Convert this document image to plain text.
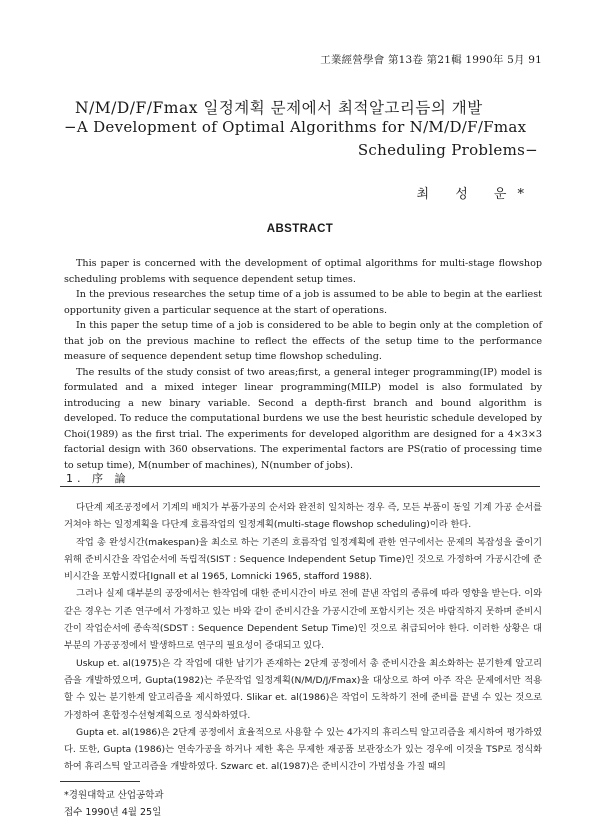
工業經營學會 第13卷 第21輯 1990年 5月 91
N/M/D/F/Fmax 일정계획 문제에서 최적알고리듬의 개발
−A Development of Optimal Algorithms for N/M/D/F/Fmax
Scheduling Problems−
최 성 운*
ABSTRACT

This paper is concerned with the development of optimal algorithms for multi-stage flowshop scheduling problems with sequence dependent setup times.

In the previous researches the setup time of a job is assumed to be able to begin at the earliest opportunity given a particular sequence at the start of operations.

In this paper the setup time of a job is considered to be able to begin only at the completion of that job on the previous machine to reflect the effects of the setup time to the performance measure of sequence dependent setup time flowshop scheduling.

The results of the study consist of two areas;first, a general integer programming(IP) model is formulated and a mixed integer linear programming(MILP) model is also formulated by introducing a new binary variable. Second a depth-first branch and bound algorithm is developed. To reduce the computational burdens we use the best heuristic schedule developed by Choi(1989) as the first trial. The experiments for developed algorithm are designed for a 4×3×3 factorial design with 360 observations. The experimental factors are PS(ratio of processing time to setup time), M(number of machines), N(number of jobs).

1. 序 論

다단계 제조공정에서 기계의 배치가 부품가공의 순서와 완전히 일치하는 경우 즉, 모든 부품이 동일 기계 가공 순서를 거쳐야 하는 일정계획을 다단계 흐름작업의 일정계획(multi-stage flowshop scheduling)이라 한다.

작업 총 완성시간(makespan)을 최소로 하는 기존의 흐름작업 일정계획에 관한 연구에서는 문제의 복잡성을 줄이기 위해 준비시간을 작업순서에 독립적(SIST : Sequence Independent Setup Time)인 것으로 가정하여 가공시간에 준비시간을 포함시켰다[Ignall et al 1965, Lomnicki 1965, stafford 1988).

그러나 실제 대부분의 공장에서는 한작업에 대한 준비시간이 바로 전에 끝낸 작업의 종류에 따라 영향을 받는다. 이와 같은 경우는 기존 연구에서 가정하고 있는 바와 같이 준비시간을 가공시간에 포함시키는 것은 바람직하지 못하며 준비시간이 작업순서에 종속적(SDST : Sequence Dependent Setup Time)인 것으로 취급되어야 한다. 이러한 상황은 대부분의 가공공정에서 발생하므로 연구의 필요성이 증대되고 있다.

Uskup et. al(1975)은 각 작업에 대한 납기가 존재하는 2단계 공정에서 총 준비시간을 최소화하는 분기한계 알고리즘을 개발하였으며, Gupta(1982)는 주문작업 일정계획(N/M/D/J/Fmax)을 대상으로 하여 아주 작은 문제에서만 적용할 수 있는 분기한계 알고리즘을 제시하였다. Slikar et. al(1986)은 작업이 도착하기 전에 준비를 끝낼 수 있는 것으로 가정하여 혼합정수선형계획으로 정식화하였다.

Gupta et. al(1986)은 2단계 공정에서 효율적으로 사용할 수 있는 4가지의 휴리스틱 알고리즘을 제시하여 평가하였다. 또한, Gupta (1986)는 연속가공을 하거나 제한 혹은 무제한 재공품 보관장소가 있는 경우에 이것을 TSP로 정식화하여 휴리스틱 알고리즘을 개발하였다. Szwarc et. al(1987)은 준비시간이 가법성을 가질 때의

*경원대학교 산업공학과
접수 1990년 4월 25일
